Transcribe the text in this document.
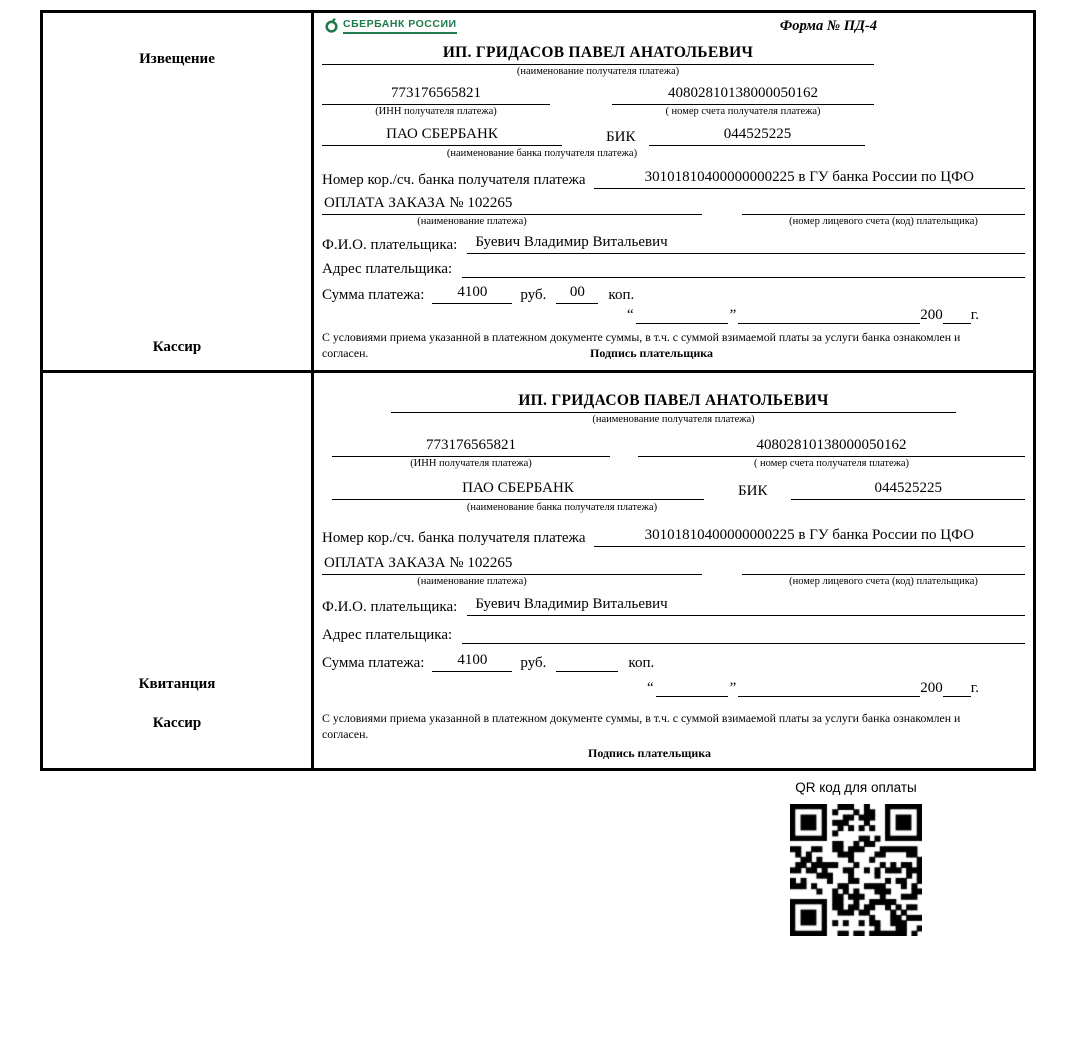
Извещение
Кассир
СБЕРБАНК РОССИИ	Форма № ПД-4
ИП. ГРИДАСОВ ПАВЕЛ АНАТОЛЬЕВИЧ
(наименование получателя платежа)
773176565821
(ИНН получателя платежа)
40802810138000050162
( номер счета получателя платежа)
ПАО СБЕРБАНК	БИК	044525225
(наименование банка получателя платежа)
Номер кор./сч. банка получателя платежа	30101810400000000225 в ГУ банка России по ЦФО
ОПЛАТА ЗАКАЗА № 102265
(наименование платежа)	(номер лицевого счета (код) плательщика)
Ф.И.О. плательщика:	Буевич Владимир Витальевич
Адрес плательщика:
Сумма платежа:	4100	руб.	00	коп.
“	”	200 г.
С условиями приема указанной в платежном документе суммы, в т.ч. с суммой взимаемой платы за услуги банка ознакомлен и согласен.	Подпись плательщика
Квитанция
Кассир
ИП. ГРИДАСОВ ПАВЕЛ АНАТОЛЬЕВИЧ
(наименование получателя платежа)
773176565821
(ИНН получателя платежа)
40802810138000050162
( номер счета получателя платежа)
ПАО СБЕРБАНК	БИК	044525225
(наименование банка получателя платежа)
Номер кор./сч. банка получателя платежа	30101810400000000225 в ГУ банка России по ЦФО
ОПЛАТА ЗАКАЗА № 102265
(наименование платежа)	(номер лицевого счета (код) плательщика)
Ф.И.О. плательщика:	Буевич Владимир Витальевич
Адрес плательщика:
Сумма платежа:	4100	руб.	коп.
“	”	200 г.
С условиями приема указанной в платежном документе суммы, в т.ч. с суммой взимаемой платы за услуги банка ознакомлен и согласен.
Подпись плательщика
QR код для оплаты
